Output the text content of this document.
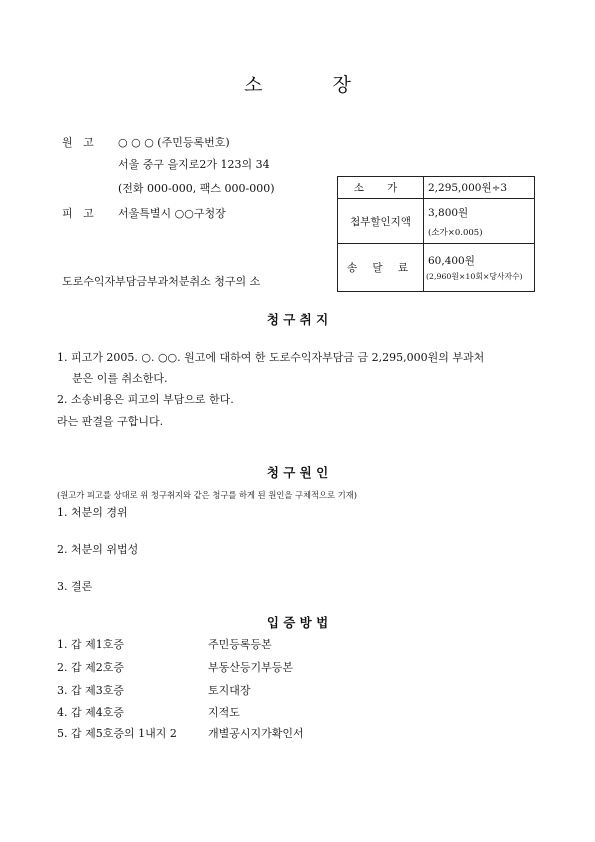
소	장
원 고 ○ ○ ○ (주민등록번호)
서울 중구 을지로2가 123의 34
(전화 000-000, 팩스 000-000)
피 고 서울특별시 ○○구청장
도로수익자부담금부과처분취소 청구의 소
소 가	2,295,000원÷3
첩부할인지액	3,800원
(소가×0.005)

송 달 료	60,400원
(2,960원×10회×당사자수)
청 구 취 지
1. 피고가 2005. ○. ○○. 원고에 대하여 한 도로수익자부담금 금 2,295,000원의 부과처
분은 이를 취소한다.
2. 소송비용은 피고의 부담으로 한다.
라는 판결을 구합니다.
청 구 원 인
(원고가 피고를 상대로 위 청구취지와 같은 청구를 하게 된 원인을 구체적으로 기재)
1. 처분의 경위
2. 처분의 위법성
3. 결론
입 증 방 법
1. 갑 제1호증	주민등록등본
2. 갑 제2호증	부동산등기부등본
3. 갑 제3호증	토지대장
4. 갑 제4호증	지적도
5. 갑 제5호증의 1내지 2	개별공시지가확인서
